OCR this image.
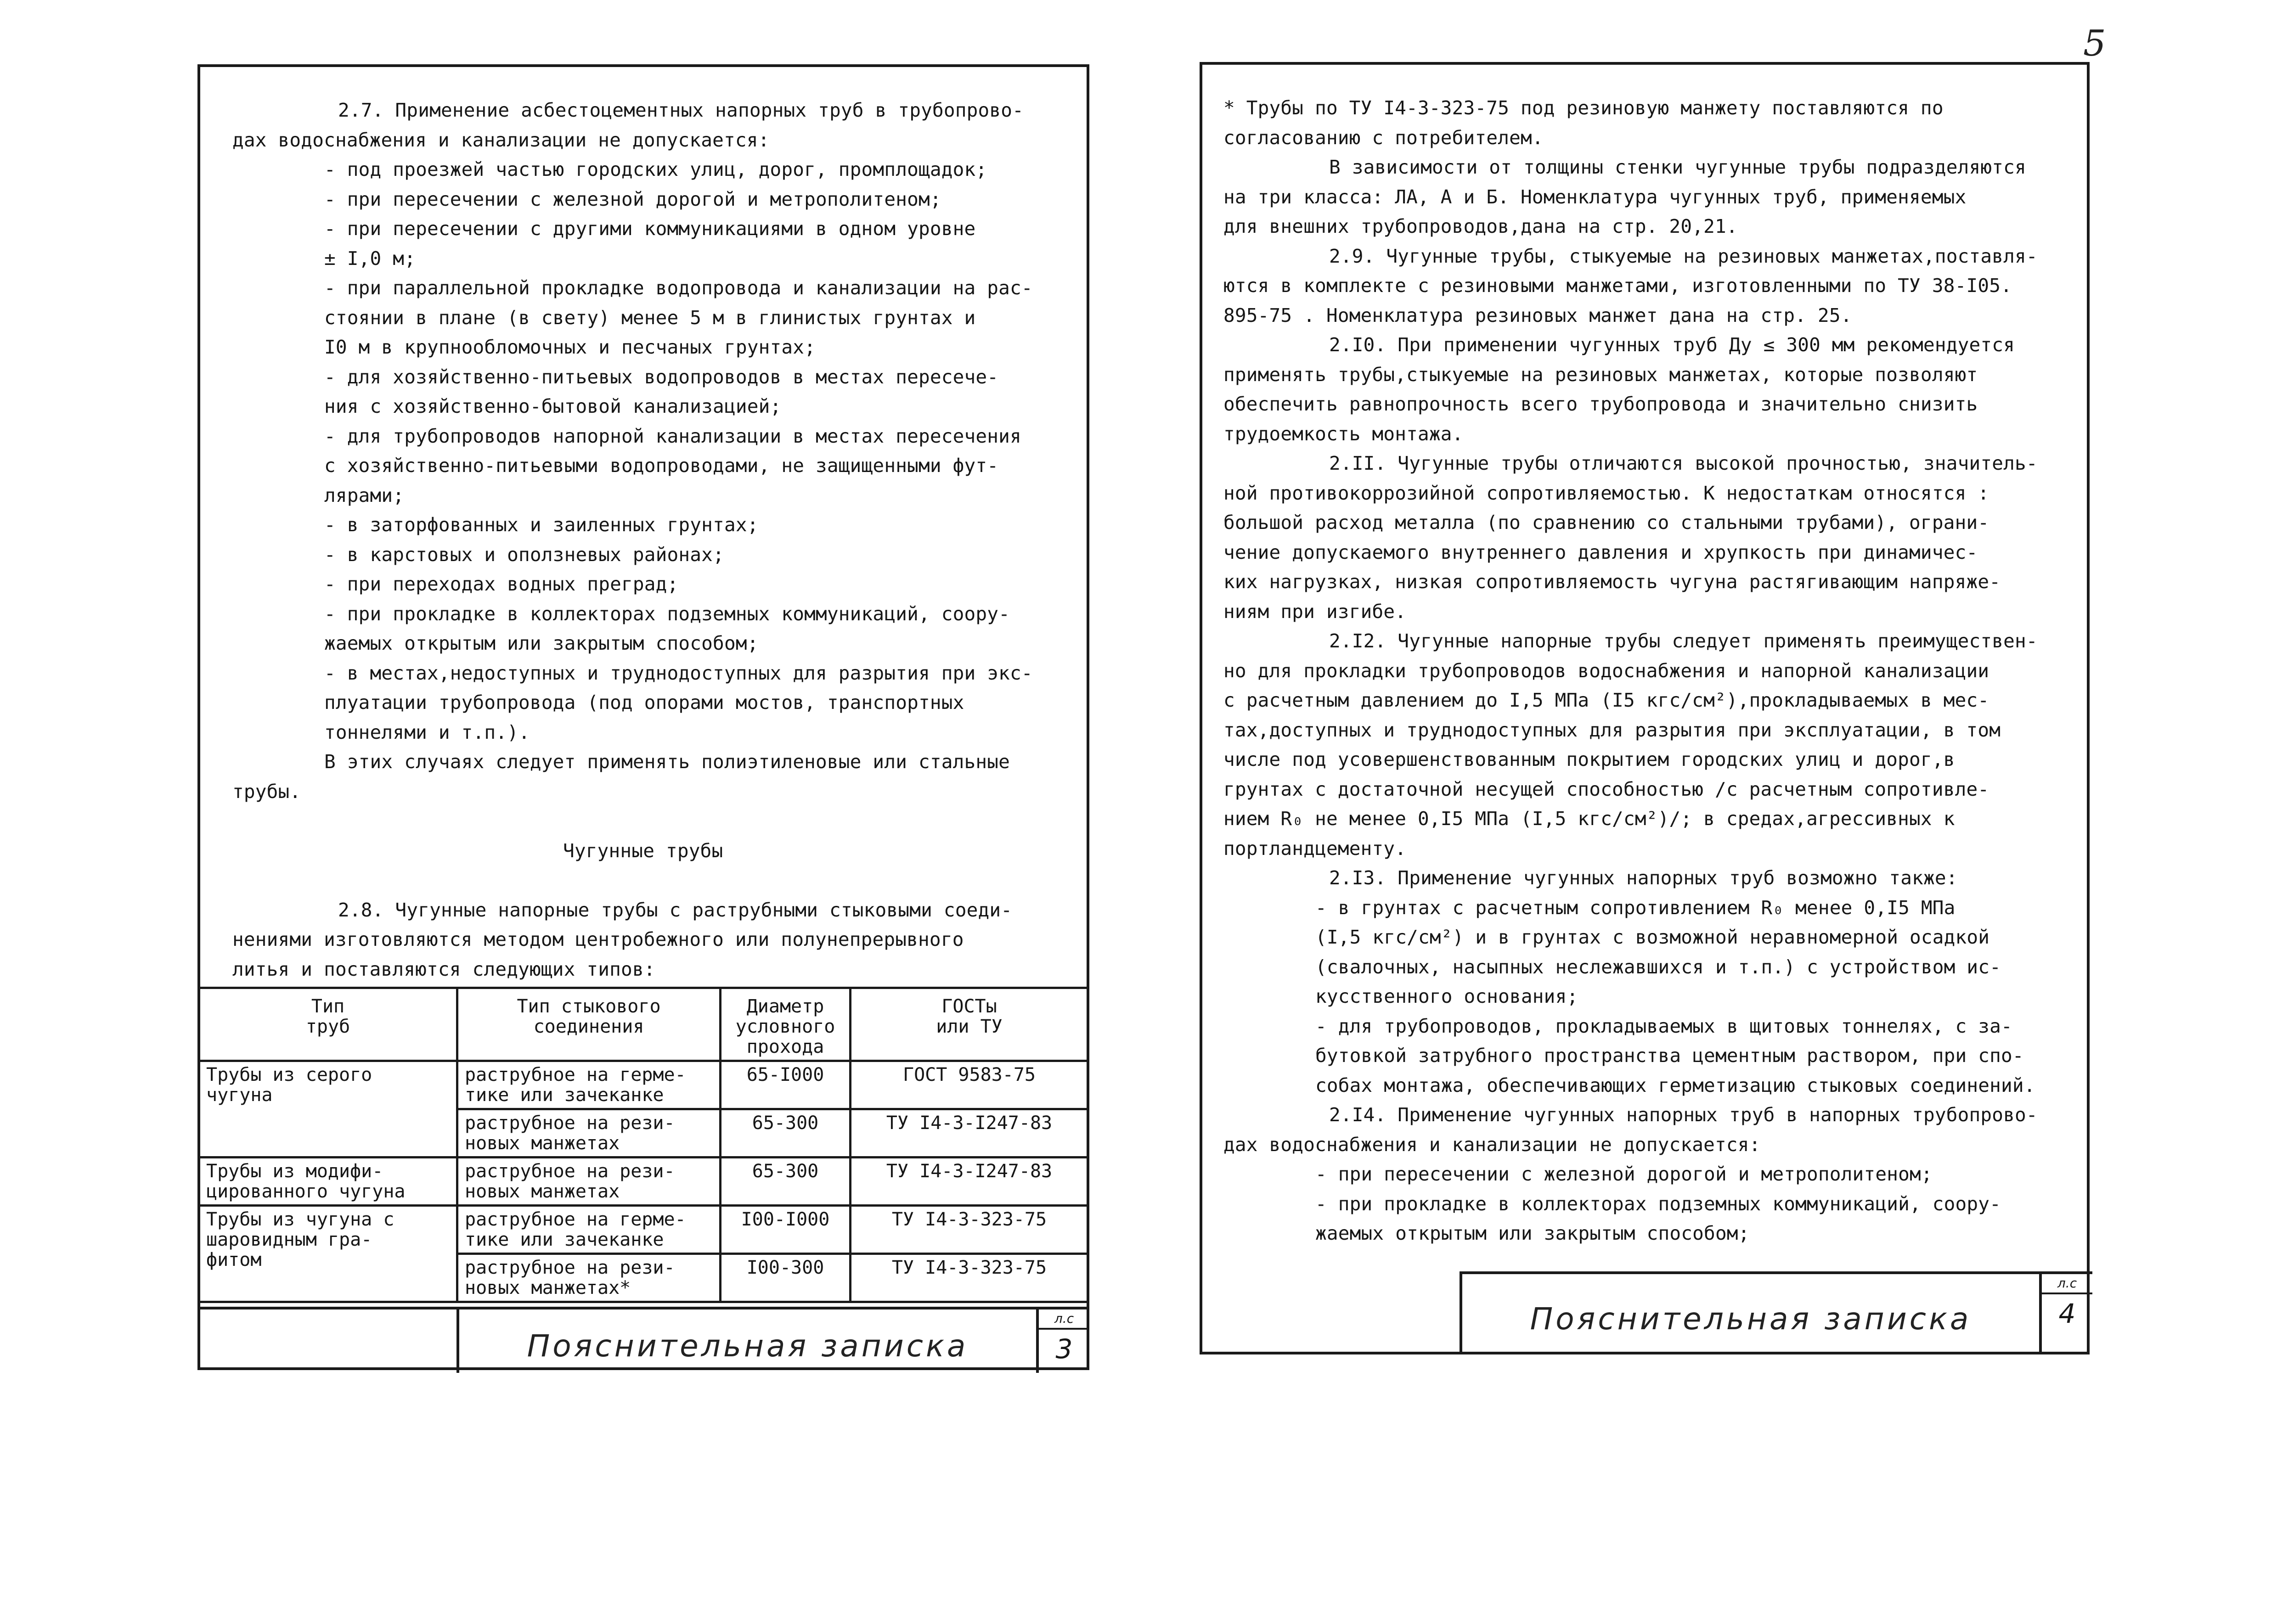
5
2.7. Применение асбестоцементных напорных труб в трубопрово-
дах водоснабжения и канализации не допускается:
- под проезжей частью городских улиц, дорог, промплощадок;
- при пересечении с железной дорогой и метрополитеном;
- при пересечении с другими коммуникациями в одном уровне
± I,0 м;
- при параллельной прокладке водопровода и канализации на рас-
стоянии в плане (в свету) менее 5 м в глинистых грунтах и
I0 м в крупнообломочных и песчаных грунтах;
- для хозяйственно-питьевых водопроводов в местах пересече-
ния с хозяйственно-бытовой канализацией;
- для трубопроводов напорной канализации в местах пересечения
с хозяйственно-питьевыми водопроводами, не защищенными фут-
лярами;
- в заторфованных и заиленных грунтах;
- в карстовых и оползневых районах;
- при переходах водных преград;
- при прокладке в коллекторах подземных коммуникаций, соору-
жаемых открытым или закрытым способом;
- в местах,недоступных и труднодоступных для разрытия при экс-
плуатации трубопровода (под опорами мостов, транспортных
тоннелями и т.п.).
В этих случаях следует применять полиэтиленовые или стальные
трубы.
Чугунные трубы
2.8. Чугунные напорные трубы с раструбными стыковыми соеди-
нениями изготовляются методом центробежного или полунепрерывного
литья и поставляются следующих типов:
Тип
труб	Тип стыкового
соединения	Диаметр
условного
прохода	ГОСТы
или ТУ
Трубы из серого
чугуна	раструбное на герме-
тике или зачеканке	65-I000	ГОСТ 9583-75
	раструбное на рези-
новых манжетах	65-300	ТУ I4-3-I247-83
Трубы из модифи-
цированного чугуна	раструбное на рези-
новых манжетах	65-300	ТУ I4-3-I247-83
Трубы из чугуна с
шаровидным гра-
фитом	раструбное на герме-
тике или зачеканке	I00-I000	ТУ I4-3-323-75
	раструбное на рези-
новых манжетах*	I00-300	ТУ I4-3-323-75
Пояснительная записка
л.с
3
* Трубы по ТУ I4-3-323-75 под резиновую манжету поставляются по
согласованию с потребителем.
В зависимости от толщины стенки чугунные трубы подразделяются
на три класса: ЛА, А и Б. Номенклатура чугунных труб, применяемых
для внешних трубопроводов,дана на стр. 20,21.
2.9. Чугунные трубы, стыкуемые на резиновых манжетах,поставля-
ются в комплекте с резиновыми манжетами, изготовленными по ТУ 38-I05.
895-75 . Номенклатура резиновых манжет дана на стр. 25.
2.I0. При применении чугунных труб Ду ≤ 300 мм рекомендуется
применять трубы,стыкуемые на резиновых манжетах, которые позволяют
обеспечить равнопрочность всего трубопровода и значительно снизить
трудоемкость монтажа.
2.II. Чугунные трубы отличаются высокой прочностью, значитель-
ной противокоррозийной сопротивляемостью. К недостаткам относятся :
большой расход металла (по сравнению со стальными трубами), ограни-
чение допускаемого внутреннего давления и хрупкость при динамичес-
ких нагрузках, низкая сопротивляемость чугуна растягивающим напряже-
ниям при изгибе.
2.I2. Чугунные напорные трубы следует применять преимуществен-
но для прокладки трубопроводов водоснабжения и напорной канализации
с расчетным давлением до I,5 МПа (I5 кгс/см²),прокладываемых в мес-
тах,доступных и труднодоступных для разрытия при эксплуатации, в том
числе под усовершенствованным покрытием городских улиц и дорог,в
грунтах с достаточной несущей способностью /с расчетным сопротивле-
нием R₀ не менее 0,I5 МПа (I,5 кгс/см²)/; в средах,агрессивных к
портландцементу.
2.I3. Применение чугунных напорных труб возможно также:
- в грунтах с расчетным сопротивлением R₀ менее 0,I5 МПа
(I,5 кгс/см²) и в грунтах с возможной неравномерной осадкой
(свалочных, насыпных неслежавшихся и т.п.) с устройством ис-
кусственного основания;
- для трубопроводов, прокладываемых в щитовых тоннелях, с за-
бутовкой затрубного пространства цементным раствором, при спо-
собах монтажа, обеспечивающих герметизацию стыковых соединений.
2.I4. Применение чугунных напорных труб в напорных трубопрово-
дах водоснабжения и канализации не допускается:
- при пересечении с железной дорогой и метрополитеном;
- при прокладке в коллекторах подземных коммуникаций, соору-
жаемых открытым или закрытым способом;
Пояснительная записка
л.с
4
